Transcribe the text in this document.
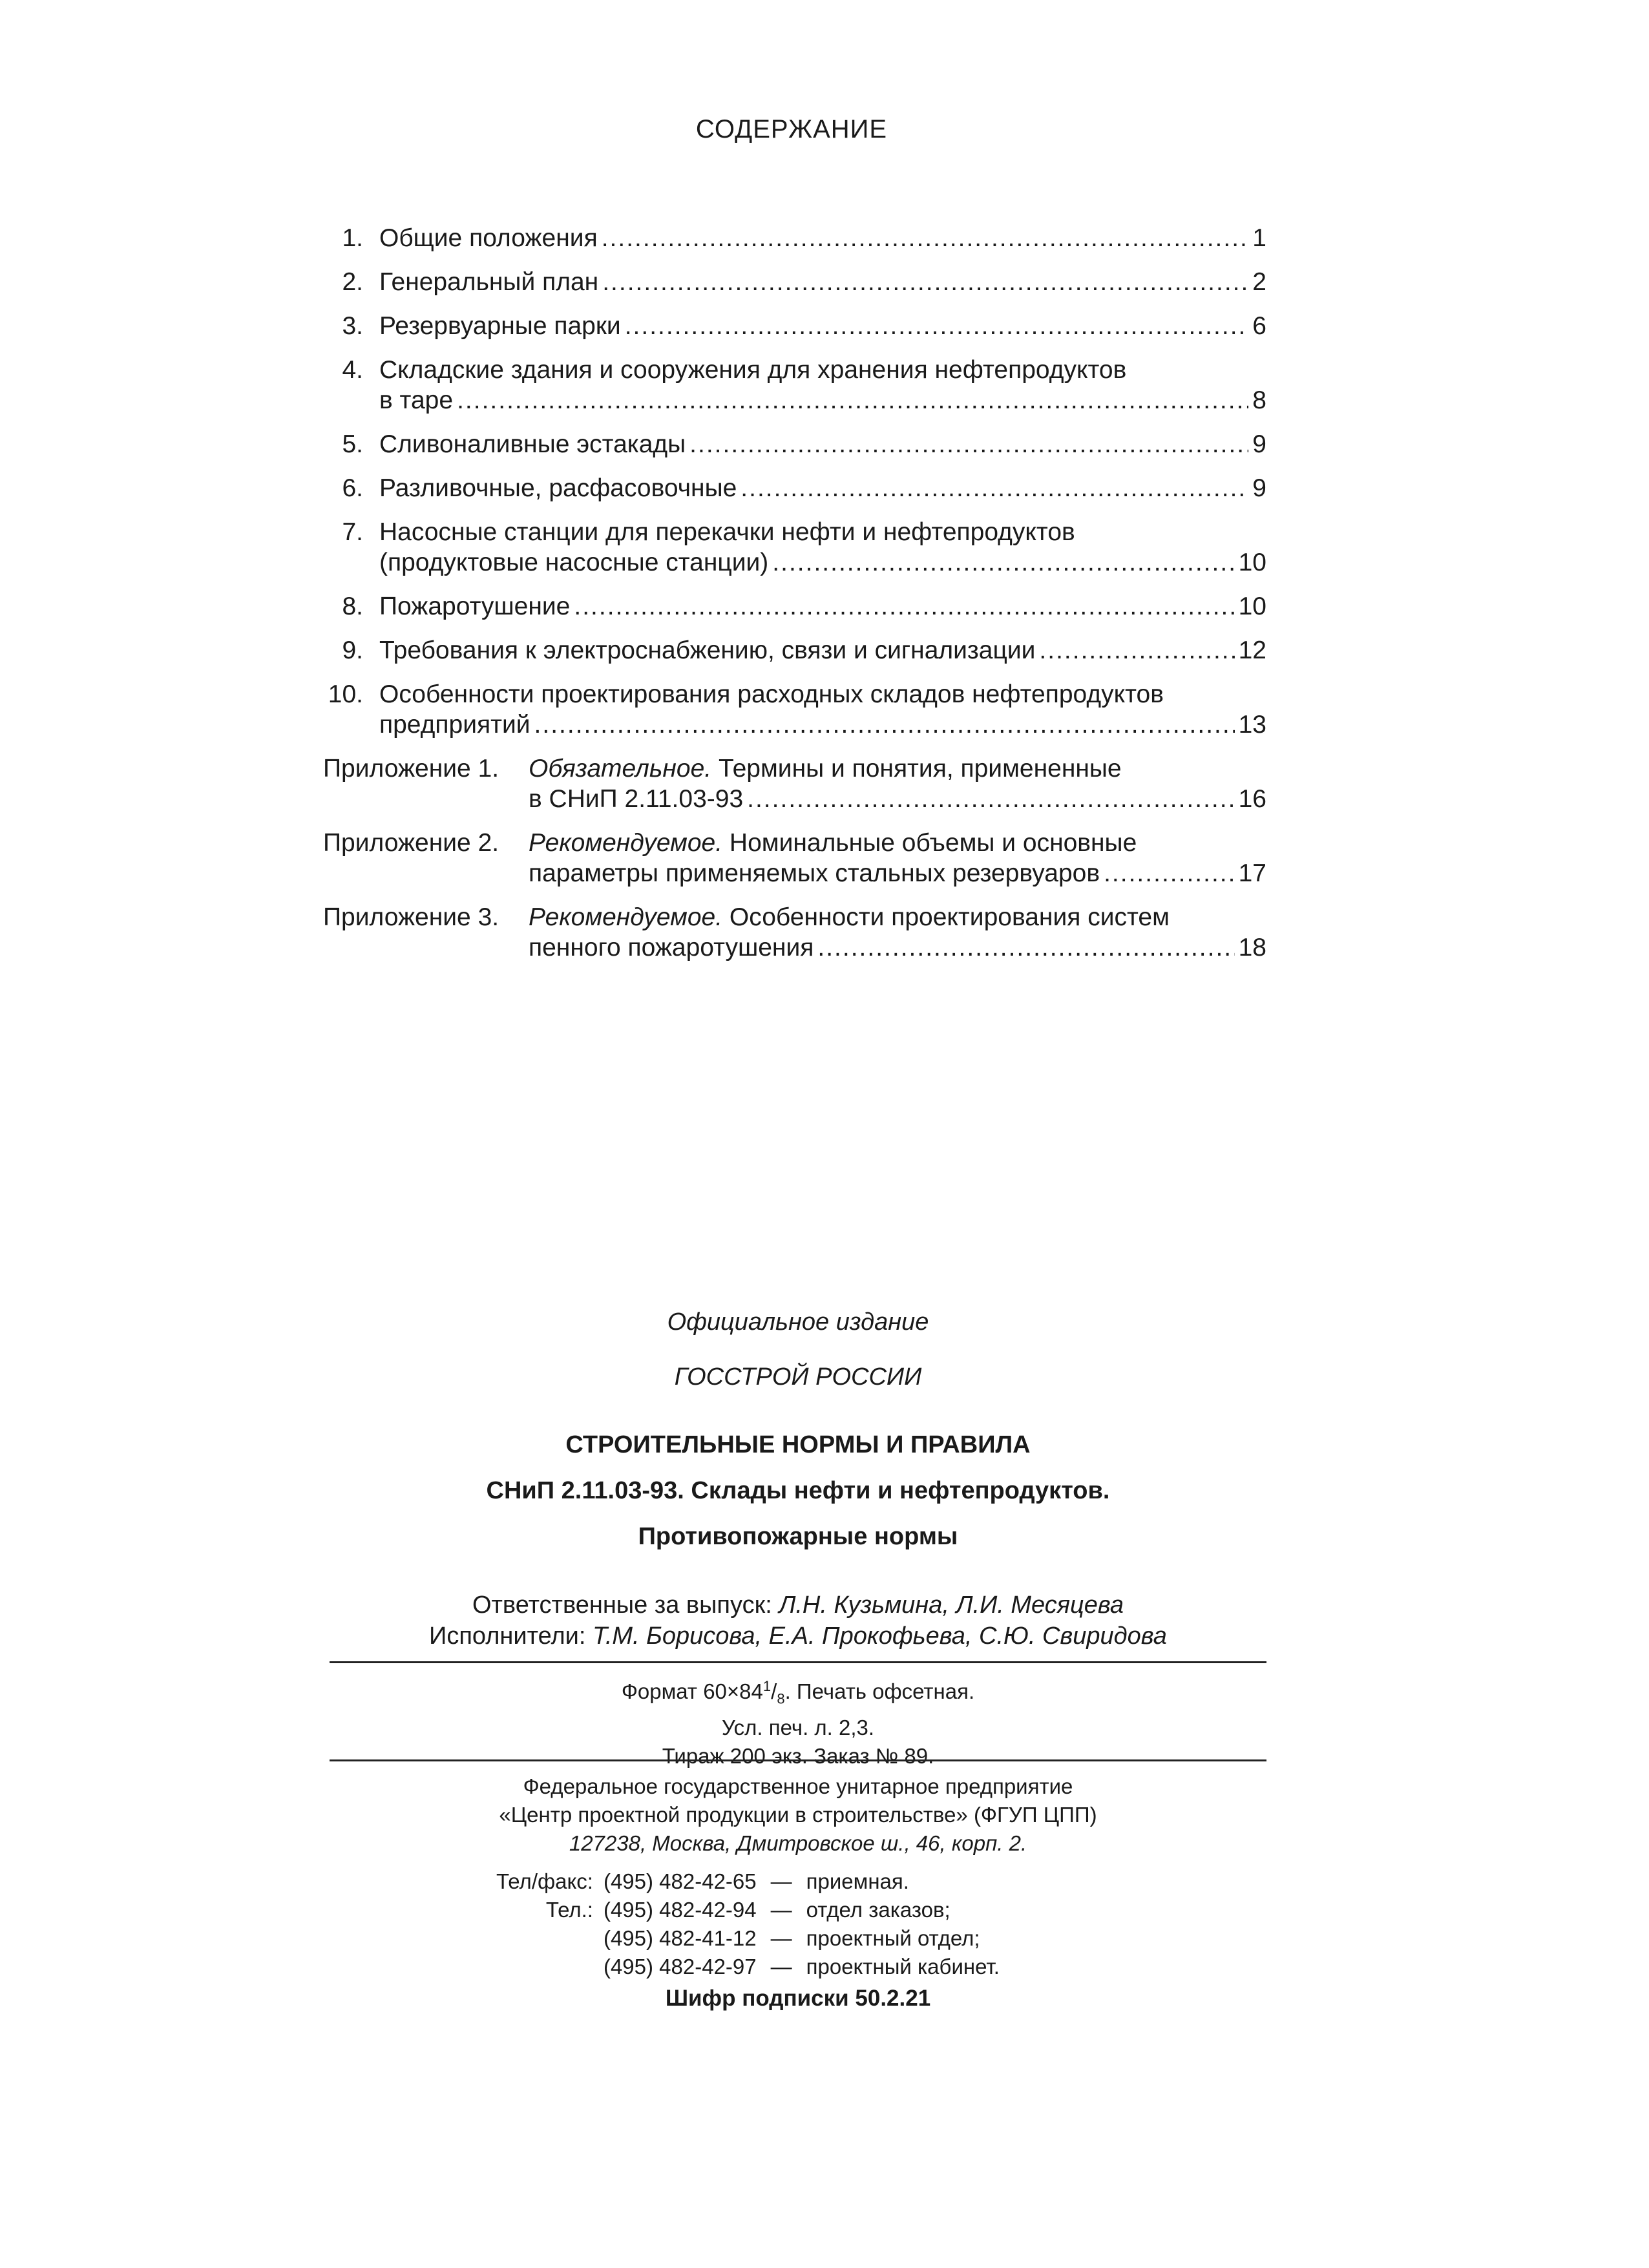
СОДЕРЖАНИЕ
1. Общие положения .....	1
2. Генеральный план .....	2
3. Резервуарные парки .....	6
4. Складские здания и сооружения для хранения нефтепродуктов
в таре .....	8
5. Сливоналивные эстакады .....	9
6. Разливочные, расфасовочные .....	9
7. Насосные станции для перекачки нефти и нефтепродуктов
(продуктовые насосные станции) .....	10
8. Пожаротушение .....	10
9. Требования к электроснабжению, связи и сигнализации .....	12
10. Особенности проектирования расходных складов нефтепродуктов
предприятий .....	13
Приложение 1. Обязательное. Термины и понятия, примененные
в СНиП 2.11.03-93 .....	16
Приложение 2. Рекомендуемое. Номинальные объемы и основные
параметры применяемых стальных резервуаров .....	17
Приложение 3. Рекомендуемое. Особенности проектирования систем
пенного пожаротушения .....	18
Официальное издание
ГОССТРОЙ РОССИИ
СТРОИТЕЛЬНЫЕ НОРМЫ И ПРАВИЛА
СНиП 2.11.03-93. Склады нефти и нефтепродуктов.
Противопожарные нормы
Ответственные за выпуск: Л.Н. Кузьмина, Л.И. Месяцева
Исполнители: Т.М. Борисова, Е.А. Прокофьева, С.Ю. Свиридова
Формат $60\times 84^1/_8$. Печать офсетная.
Усл. печ. л. 2,3.
Тираж 200 экз. Заказ № 89.
Федеральное государственное унитарное предприятие
«Центр проектной продукции в строительстве» (ФГУП ЦПП)
127238, Москва, Дмитровское ш., 46, корп. 2.
Тел/факс:	(495) 482-42-65	—	приемная.
Тел.:	(495) 482-42-94	—	отдел заказов;
	(495) 482-41-12	—	проектный отдел;
	(495) 482-42-97	—	проектный кабинет.
Шифр подписки 50.2.21
